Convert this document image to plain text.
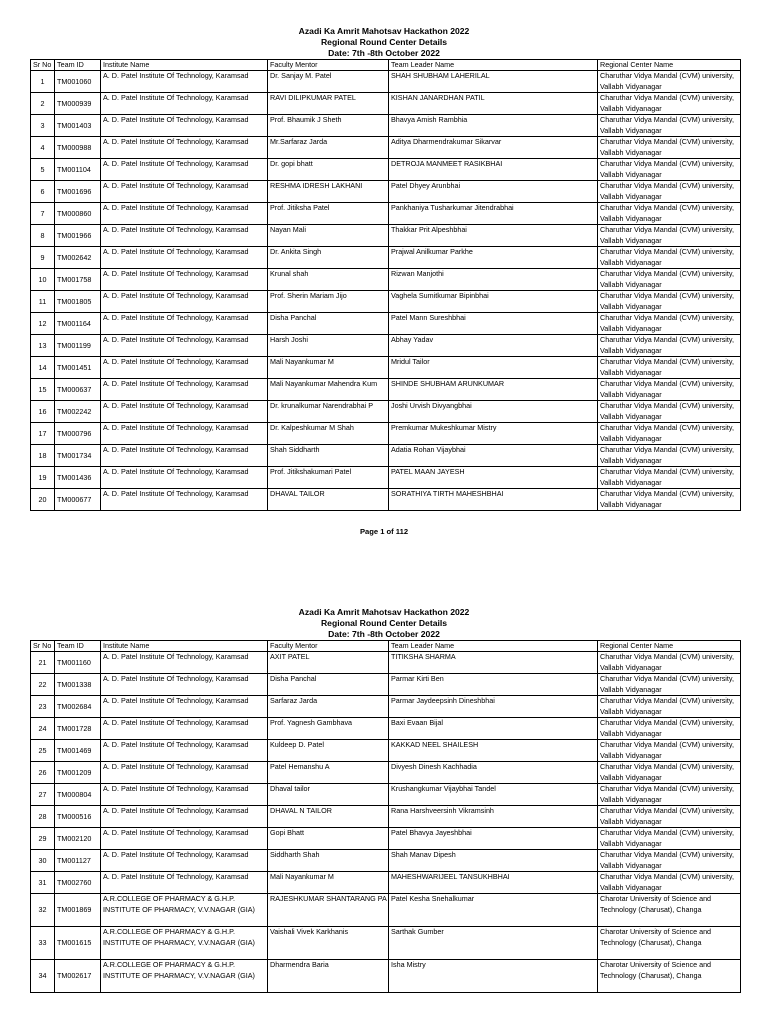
Azadi Ka Amrit Mahotsav Hackathon 2022
Regional Round Center Details
Date: 7th -8th October 2022
Sr No	Team ID	Institute Name	Faculty Mentor	Team Leader Name	Regional Center Name
1	TM001060	A. D. Patel Institute Of Technology, Karamsad	Dr. Sanjay M. Patel	SHAH SHUBHAM LAHERILAL	Charuthar Vidya Mandal (CVM) university, Vallabh Vidyanagar
2	TM000939	A. D. Patel Institute Of Technology, Karamsad	RAVI DILIPKUMAR PATEL	KISHAN JANARDHAN PATIL	Charuthar Vidya Mandal (CVM) university, Vallabh Vidyanagar
3	TM001403	A. D. Patel Institute Of Technology, Karamsad	Prof. Bhaumik J Sheth	Bhavya Amish Rambhia	Charuthar Vidya Mandal (CVM) university, Vallabh Vidyanagar
4	TM000988	A. D. Patel Institute Of Technology, Karamsad	Mr.Sarfaraz Jarda	Aditya Dharmendrakumar Sikarvar	Charuthar Vidya Mandal (CVM) university, Vallabh Vidyanagar
5	TM001104	A. D. Patel Institute Of Technology, Karamsad	Dr. gopi bhatt	DETROJA MANMEET RASIKBHAI	Charuthar Vidya Mandal (CVM) university, Vallabh Vidyanagar
6	TM001696	A. D. Patel Institute Of Technology, Karamsad	RESHMA IDRESH LAKHANI	Patel Dhyey Arunbhai	Charuthar Vidya Mandal (CVM) university, Vallabh Vidyanagar
7	TM000860	A. D. Patel Institute Of Technology, Karamsad	Prof. Jitiksha Patel	Pankhaniya Tusharkumar Jitendrabhai	Charuthar Vidya Mandal (CVM) university, Vallabh Vidyanagar
8	TM001966	A. D. Patel Institute Of Technology, Karamsad	Nayan Mali	Thakkar Prit Alpeshbhai	Charuthar Vidya Mandal (CVM) university, Vallabh Vidyanagar
9	TM002642	A. D. Patel Institute Of Technology, Karamsad	Dr. Ankita Singh	Prajwal Anilkumar Parkhe	Charuthar Vidya Mandal (CVM) university, Vallabh Vidyanagar
10	TM001758	A. D. Patel Institute Of Technology, Karamsad	Krunal shah	Rizwan Manjothi	Charuthar Vidya Mandal (CVM) university, Vallabh Vidyanagar
11	TM001805	A. D. Patel Institute Of Technology, Karamsad	Prof. Sherin Mariam Jijo	Vaghela Sumitkumar Bipinbhai	Charuthar Vidya Mandal (CVM) university, Vallabh Vidyanagar
12	TM001164	A. D. Patel Institute Of Technology, Karamsad	Disha Panchal	Patel Mann Sureshbhai	Charuthar Vidya Mandal (CVM) university, Vallabh Vidyanagar
13	TM001199	A. D. Patel Institute Of Technology, Karamsad	Harsh Joshi	Abhay Yadav	Charuthar Vidya Mandal (CVM) university, Vallabh Vidyanagar
14	TM001451	A. D. Patel Institute Of Technology, Karamsad	Mali Nayankumar M	Mridul Tailor	Charuthar Vidya Mandal (CVM) university, Vallabh Vidyanagar
15	TM000637	A. D. Patel Institute Of Technology, Karamsad	Mali Nayankumar Mahendra Kum	SHINDE SHUBHAM ARUNKUMAR	Charuthar Vidya Mandal (CVM) university, Vallabh Vidyanagar
16	TM002242	A. D. Patel Institute Of Technology, Karamsad	Dr. krunalkumar Narendrabhai P	Joshi Urvish Divyangbhai	Charuthar Vidya Mandal (CVM) university, Vallabh Vidyanagar
17	TM000796	A. D. Patel Institute Of Technology, Karamsad	Dr. Kalpeshkumar M Shah	Premkumar Mukeshkumar Mistry	Charuthar Vidya Mandal (CVM) university, Vallabh Vidyanagar
18	TM001734	A. D. Patel Institute Of Technology, Karamsad	Shah Siddharth	Adatia Rohan Vijaybhai	Charuthar Vidya Mandal (CVM) university, Vallabh Vidyanagar
19	TM001436	A. D. Patel Institute Of Technology, Karamsad	Prof. Jitikshakumari Patel	PATEL MAAN JAYESH	Charuthar Vidya Mandal (CVM) university, Vallabh Vidyanagar
20	TM000677	A. D. Patel Institute Of Technology, Karamsad	DHAVAL TAILOR	SORATHIYA TIRTH MAHESHBHAI	Charuthar Vidya Mandal (CVM) university, Vallabh Vidyanagar
Page 1 of 112
Azadi Ka Amrit Mahotsav Hackathon 2022
Regional Round Center Details
Date: 7th -8th October 2022
Sr No	Team ID	Institute Name	Faculty Mentor	Team Leader Name	Regional Center Name
21	TM001160	A. D. Patel Institute Of Technology, Karamsad	AXIT PATEL	TITIKSHA SHARMA	Charuthar Vidya Mandal (CVM) university, Vallabh Vidyanagar
22	TM001338	A. D. Patel Institute Of Technology, Karamsad	Disha Panchal	Parmar Kirti Ben	Charuthar Vidya Mandal (CVM) university, Vallabh Vidyanagar
23	TM002684	A. D. Patel Institute Of Technology, Karamsad	Sarfaraz Jarda	Parmar Jaydeepsinh Dineshbhai	Charuthar Vidya Mandal (CVM) university, Vallabh Vidyanagar
24	TM001728	A. D. Patel Institute Of Technology, Karamsad	Prof. Yagnesh Gambhava	Baxi Evaan Bijal	Charuthar Vidya Mandal (CVM) university, Vallabh Vidyanagar
25	TM001469	A. D. Patel Institute Of Technology, Karamsad	Kuldeep D. Patel	KAKKAD NEEL SHAILESH	Charuthar Vidya Mandal (CVM) university, Vallabh Vidyanagar
26	TM001209	A. D. Patel Institute Of Technology, Karamsad	Patel Hemanshu A	Divyesh Dinesh Kachhadia	Charuthar Vidya Mandal (CVM) university, Vallabh Vidyanagar
27	TM000804	A. D. Patel Institute Of Technology, Karamsad	Dhaval tailor	Krushangkumar Vijaybhai Tandel	Charuthar Vidya Mandal (CVM) university, Vallabh Vidyanagar
28	TM000516	A. D. Patel Institute Of Technology, Karamsad	DHAVAL N TAILOR	Rana Harshveersinh Vikramsinh	Charuthar Vidya Mandal (CVM) university, Vallabh Vidyanagar
29	TM002120	A. D. Patel Institute Of Technology, Karamsad	Gopi Bhatt	Patel Bhavya Jayeshbhai	Charuthar Vidya Mandal (CVM) university, Vallabh Vidyanagar
30	TM001127	A. D. Patel Institute Of Technology, Karamsad	Siddharth Shah	Shah Manav Dipesh	Charuthar Vidya Mandal (CVM) university, Vallabh Vidyanagar
31	TM002760	A. D. Patel Institute Of Technology, Karamsad	Mali Nayankumar M	MAHESHWARIJEEL TANSUKHBHAI	Charuthar Vidya Mandal (CVM) university, Vallabh Vidyanagar
32	TM001869	A.R.COLLEGE OF PHARMACY & G.H.P. INSTITUTE OF PHARMACY, V.V.NAGAR (GIA)	RAJESHKUMAR SHANTARANG PA	Patel Kesha Snehalkumar	Charotar University of Science and Technology (Charusat), Changa
33	TM001615	A.R.COLLEGE OF PHARMACY & G.H.P. INSTITUTE OF PHARMACY, V.V.NAGAR (GIA)	Vaishali Vivek Karkhanis	Sarthak Gumber	Charotar University of Science and Technology (Charusat), Changa
34	TM002617	A.R.COLLEGE OF PHARMACY & G.H.P. INSTITUTE OF PHARMACY, V.V.NAGAR (GIA)	Dharmendra Baria	Isha Mistry	Charotar University of Science and Technology (Charusat), Changa
